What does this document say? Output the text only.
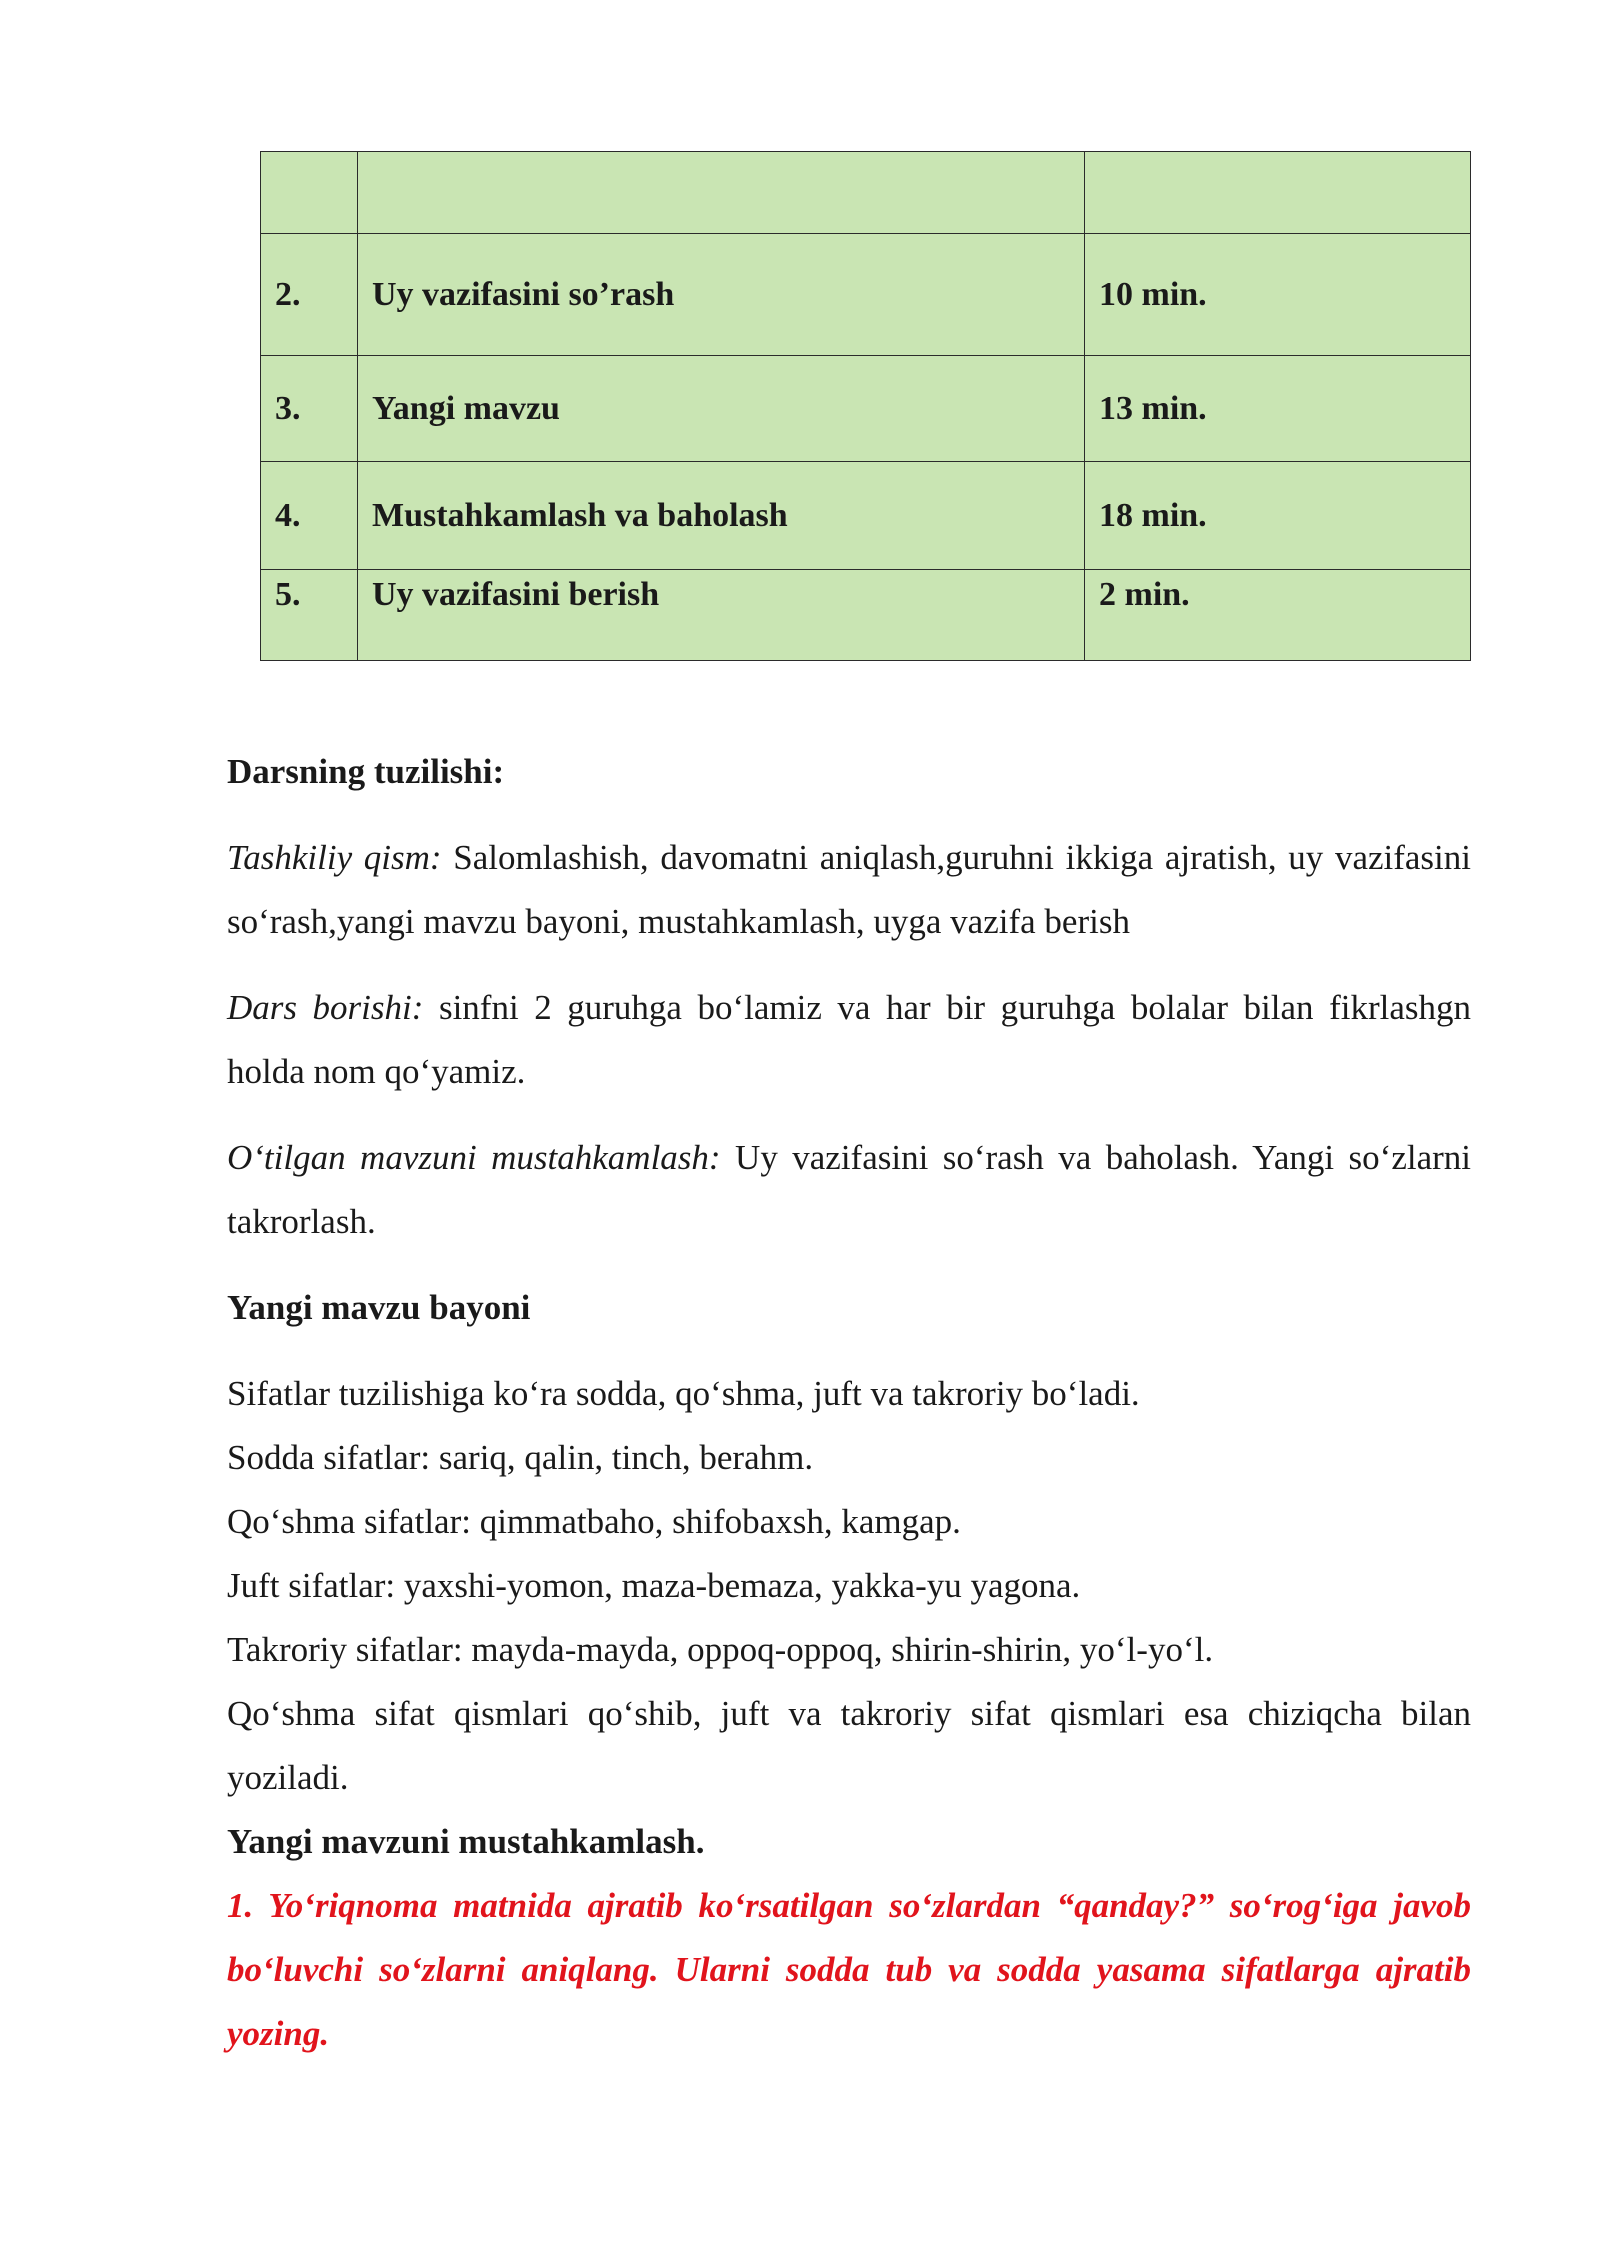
2.	Uy vazifasini so’rash	10 min.
3.	Yangi mavzu	13 min.
4.	Mustahkamlash va baholash	18 min.
5.	Uy vazifasini berish	2 min.

Darsning tuzilishi:

Tashkiliy qism: Salomlashish, davomatni aniqlash,guruhni ikkiga ajratish, uy vazifasini so‘rash,yangi mavzu bayoni, mustahkamlash, uyga vazifa berish

Dars borishi: sinfni 2 guruhga bo‘lamiz va har bir guruhga bolalar bilan fikrlashgn holda nom qo‘yamiz.

O‘tilgan mavzuni mustahkamlash: Uy vazifasini so‘rash va baholash. Yangi so‘zlarni takrorlash.

Yangi mavzu bayoni

Sifatlar tuzilishiga ko‘ra sodda, qo‘shma, juft va takroriy bo‘ladi.

Sodda sifatlar: sariq, qalin, tinch, berahm.

Qo‘shma sifatlar: qimmatbaho, shifobaxsh, kamgap.

Juft sifatlar: yaxshi-yomon, maza-bemaza, yakka-yu yagona.

Takroriy sifatlar: mayda-mayda, oppoq-oppoq, shirin-shirin, yo‘l-yo‘l.

Qo‘shma sifat qismlari qo‘shib, juft va takroriy sifat qismlari esa chiziqcha bilan yoziladi.

Yangi mavzuni mustahkamlash.

1. Yo‘riqnoma matnida ajratib ko‘rsatilgan so‘zlardan “qanday?” so‘rog‘iga javob bo‘luvchi so‘zlarni aniqlang. Ularni sodda tub va sodda yasama sifatlarga ajratib yozing.
